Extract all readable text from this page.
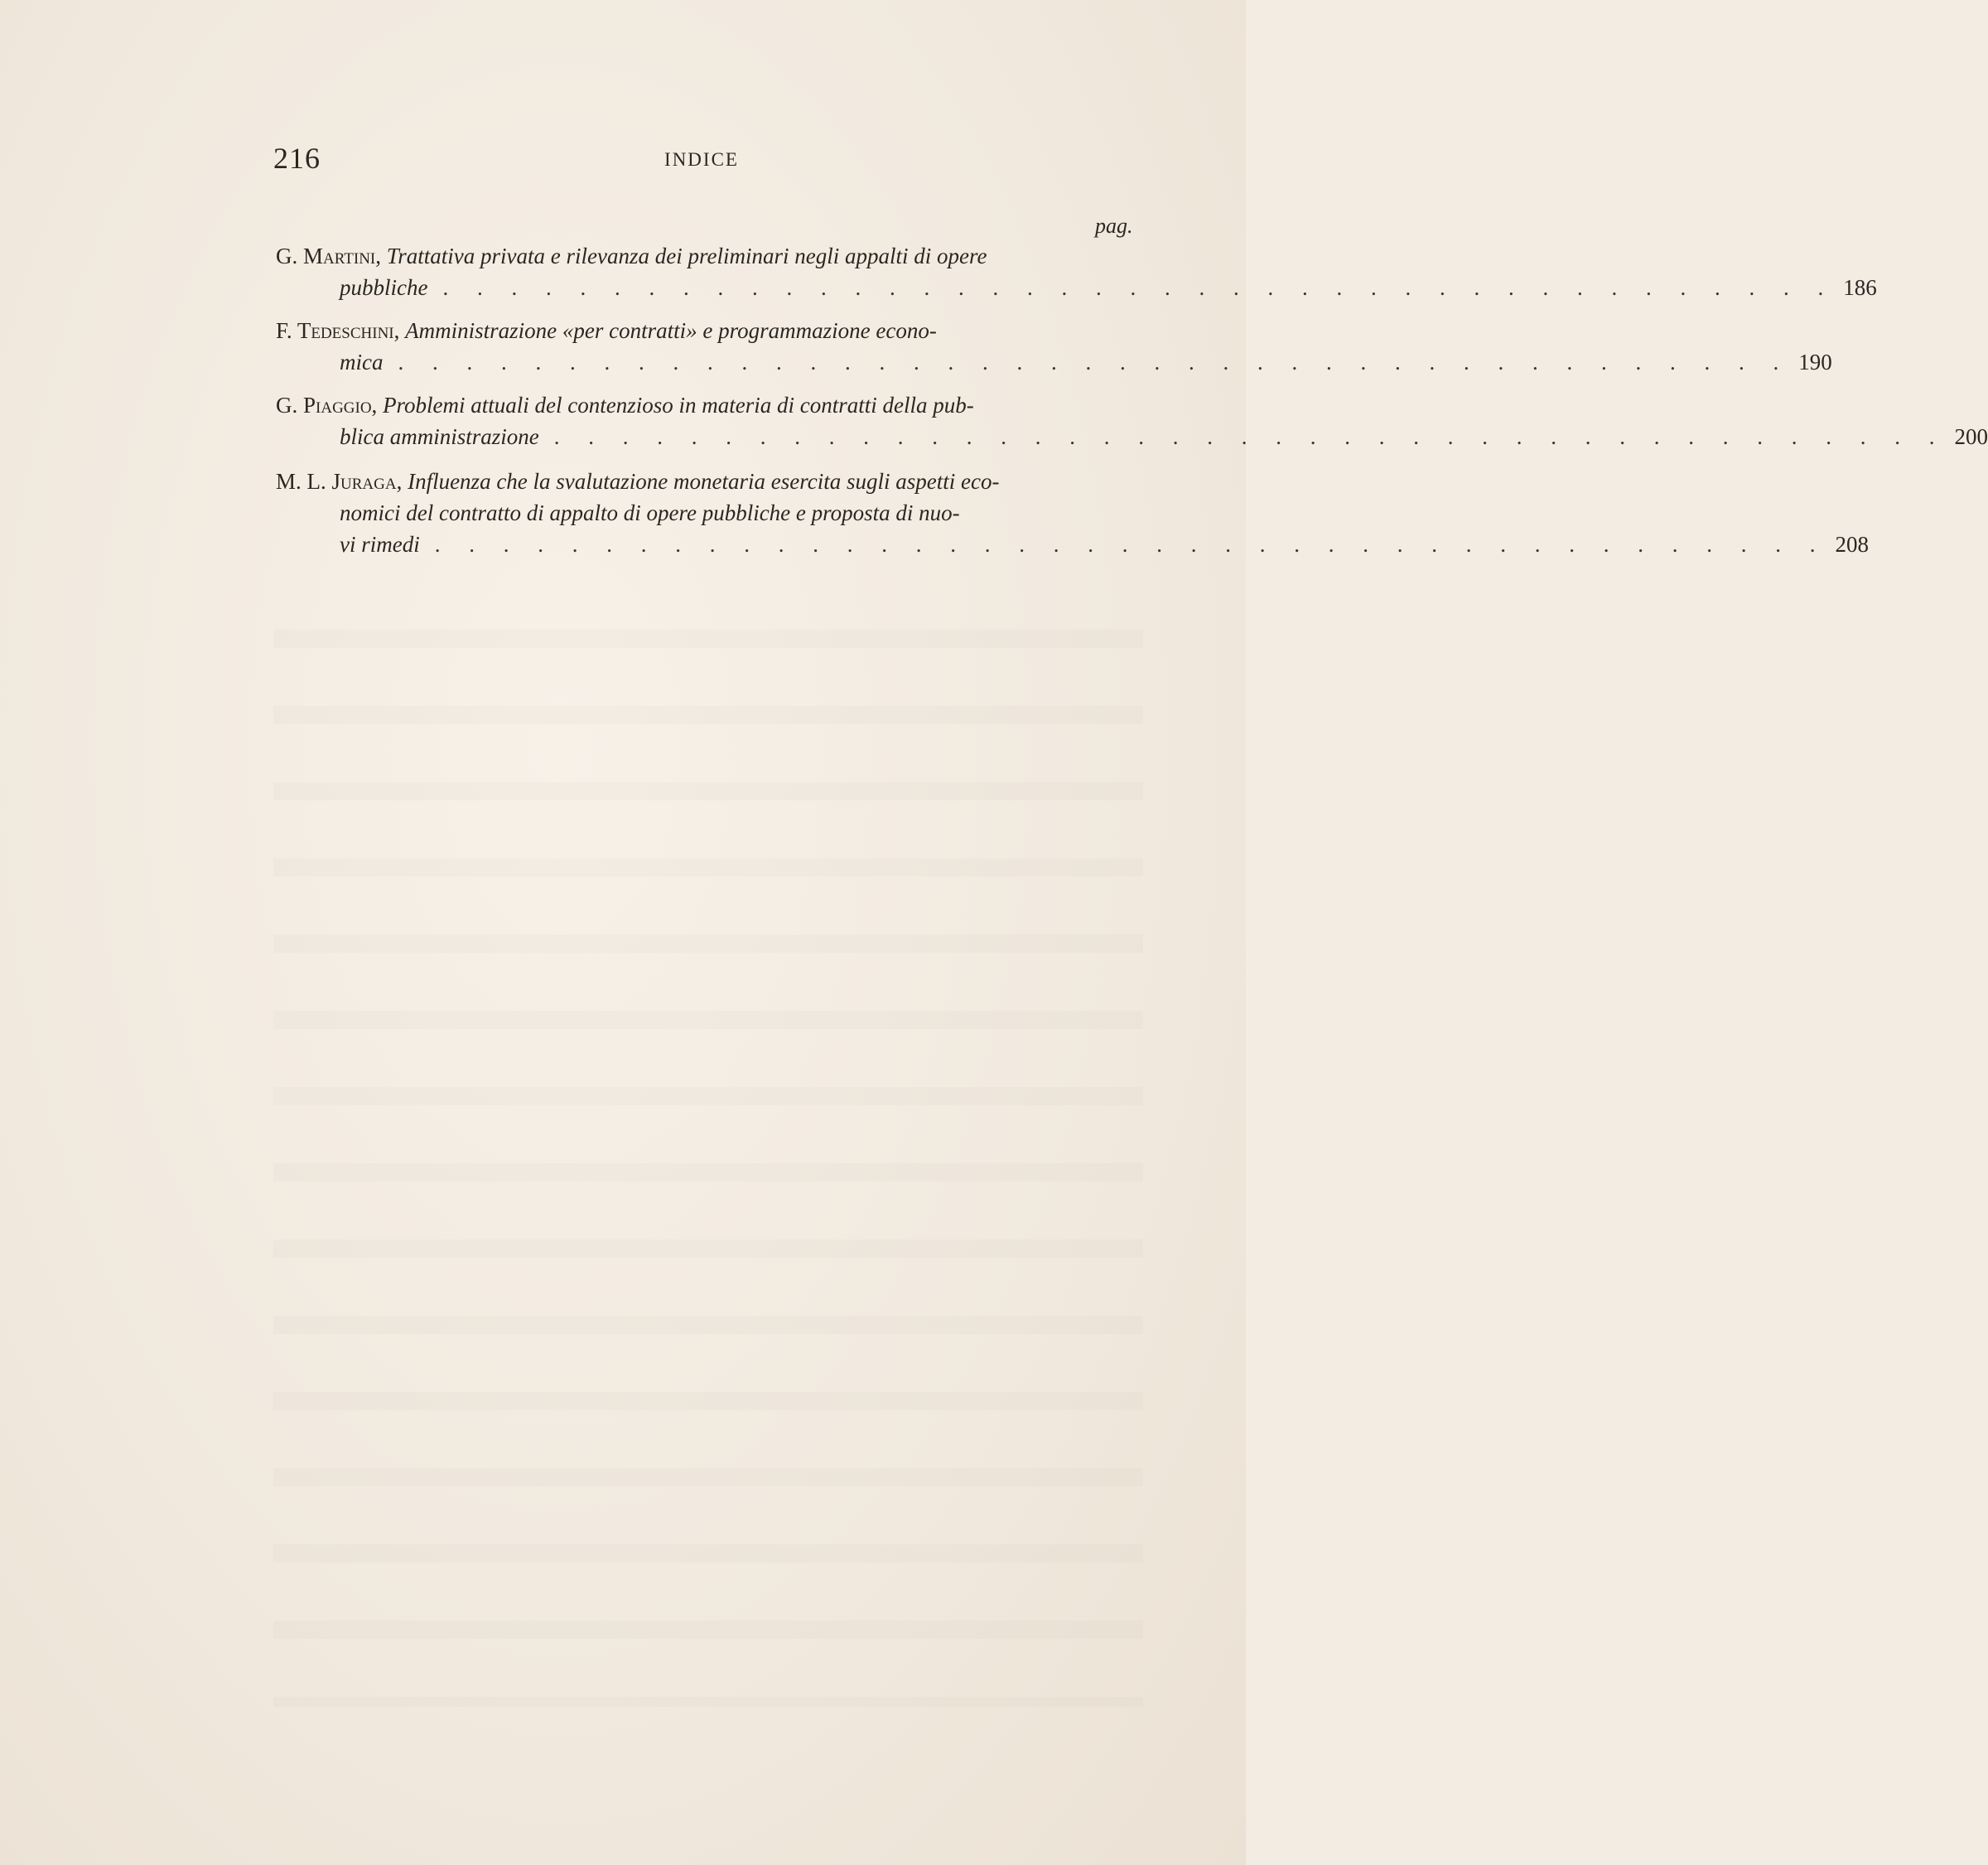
216	INDICE
pag.
G. Martini, Trattativa privata e rilevanza dei preliminari negli appalti di opere
pubbliche . . . . . . . . . . . . . . . . . . . . . . . . . . . . . . . . . . . . . . . . . 186
F. Tedeschini, Amministrazione «per contratti» e programmazione econo-
mica . . . . . . . . . . . . . . . . . . . . . . . . . . . . . . . . . . . . . . . . . 190
G. Piaggio, Problemi attuali del contenzioso in materia di contratti della pub-
blica amministrazione . . . . . . . . . . . . . . . . . . . . . . . . . . . . . . . . . . . . . . . . . 200
M. L. Juraga, Influenza che la svalutazione monetaria esercita sugli aspetti eco-
nomici del contratto di appalto di opere pubbliche e proposta di nuo-
vi rimedi . . . . . . . . . . . . . . . . . . . . . . . . . . . . . . . . . . . . . . . . . 208
